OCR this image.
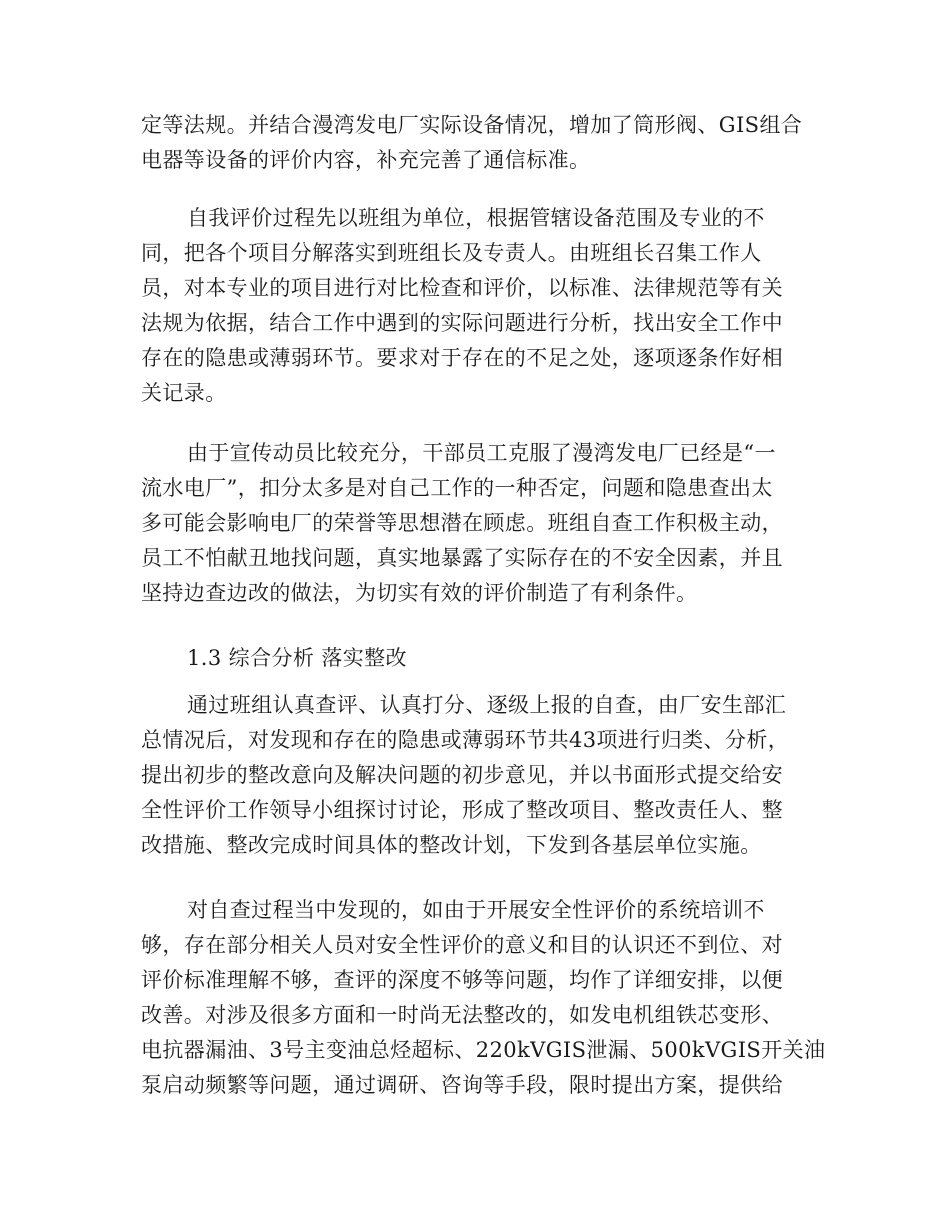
定等法规。并结合漫湾发电厂实际设备情况，增加了筒形阀、GIS组合
电器等设备的评价内容，补充完善了通信标准。
自我评价过程先以班组为单位，根据管辖设备范围及专业的不
同，把各个项目分解落实到班组长及专责人。由班组长召集工作人
员，对本专业的项目进行对比检查和评价，以标准、法律规范等有关
法规为依据，结合工作中遇到的实际问题进行分析，找出安全工作中
存在的隐患或薄弱环节。要求对于存在的不足之处，逐项逐条作好相
关记录。
由于宣传动员比较充分，干部员工克服了漫湾发电厂已经是“一
流水电厂”，扣分太多是对自己工作的一种否定，问题和隐患查出太
多可能会影响电厂的荣誉等思想潜在顾虑。班组自查工作积极主动，
员工不怕献丑地找问题，真实地暴露了实际存在的不安全因素，并且
坚持边查边改的做法，为切实有效的评价制造了有利条件。
1.3 综合分析 落实整改
通过班组认真查评、认真打分、逐级上报的自查，由厂安生部汇
总情况后，对发现和存在的隐患或薄弱环节共43项进行归类、分析，
提出初步的整改意向及解决问题的初步意见，并以书面形式提交给安
全性评价工作领导小组探讨讨论，形成了整改项目、整改责任人、整
改措施、整改完成时间具体的整改计划，下发到各基层单位实施。
对自查过程当中发现的，如由于开展安全性评价的系统培训不
够，存在部分相关人员对安全性评价的意义和目的认识还不到位、对
评价标准理解不够，查评的深度不够等问题，均作了详细安排，以便
改善。对涉及很多方面和一时尚无法整改的，如发电机组铁芯变形、
电抗器漏油、3号主变油总烃超标、220kVGIS泄漏、500kVGIS开关油
泵启动频繁等问题，通过调研、咨询等手段，限时提出方案，提供给
